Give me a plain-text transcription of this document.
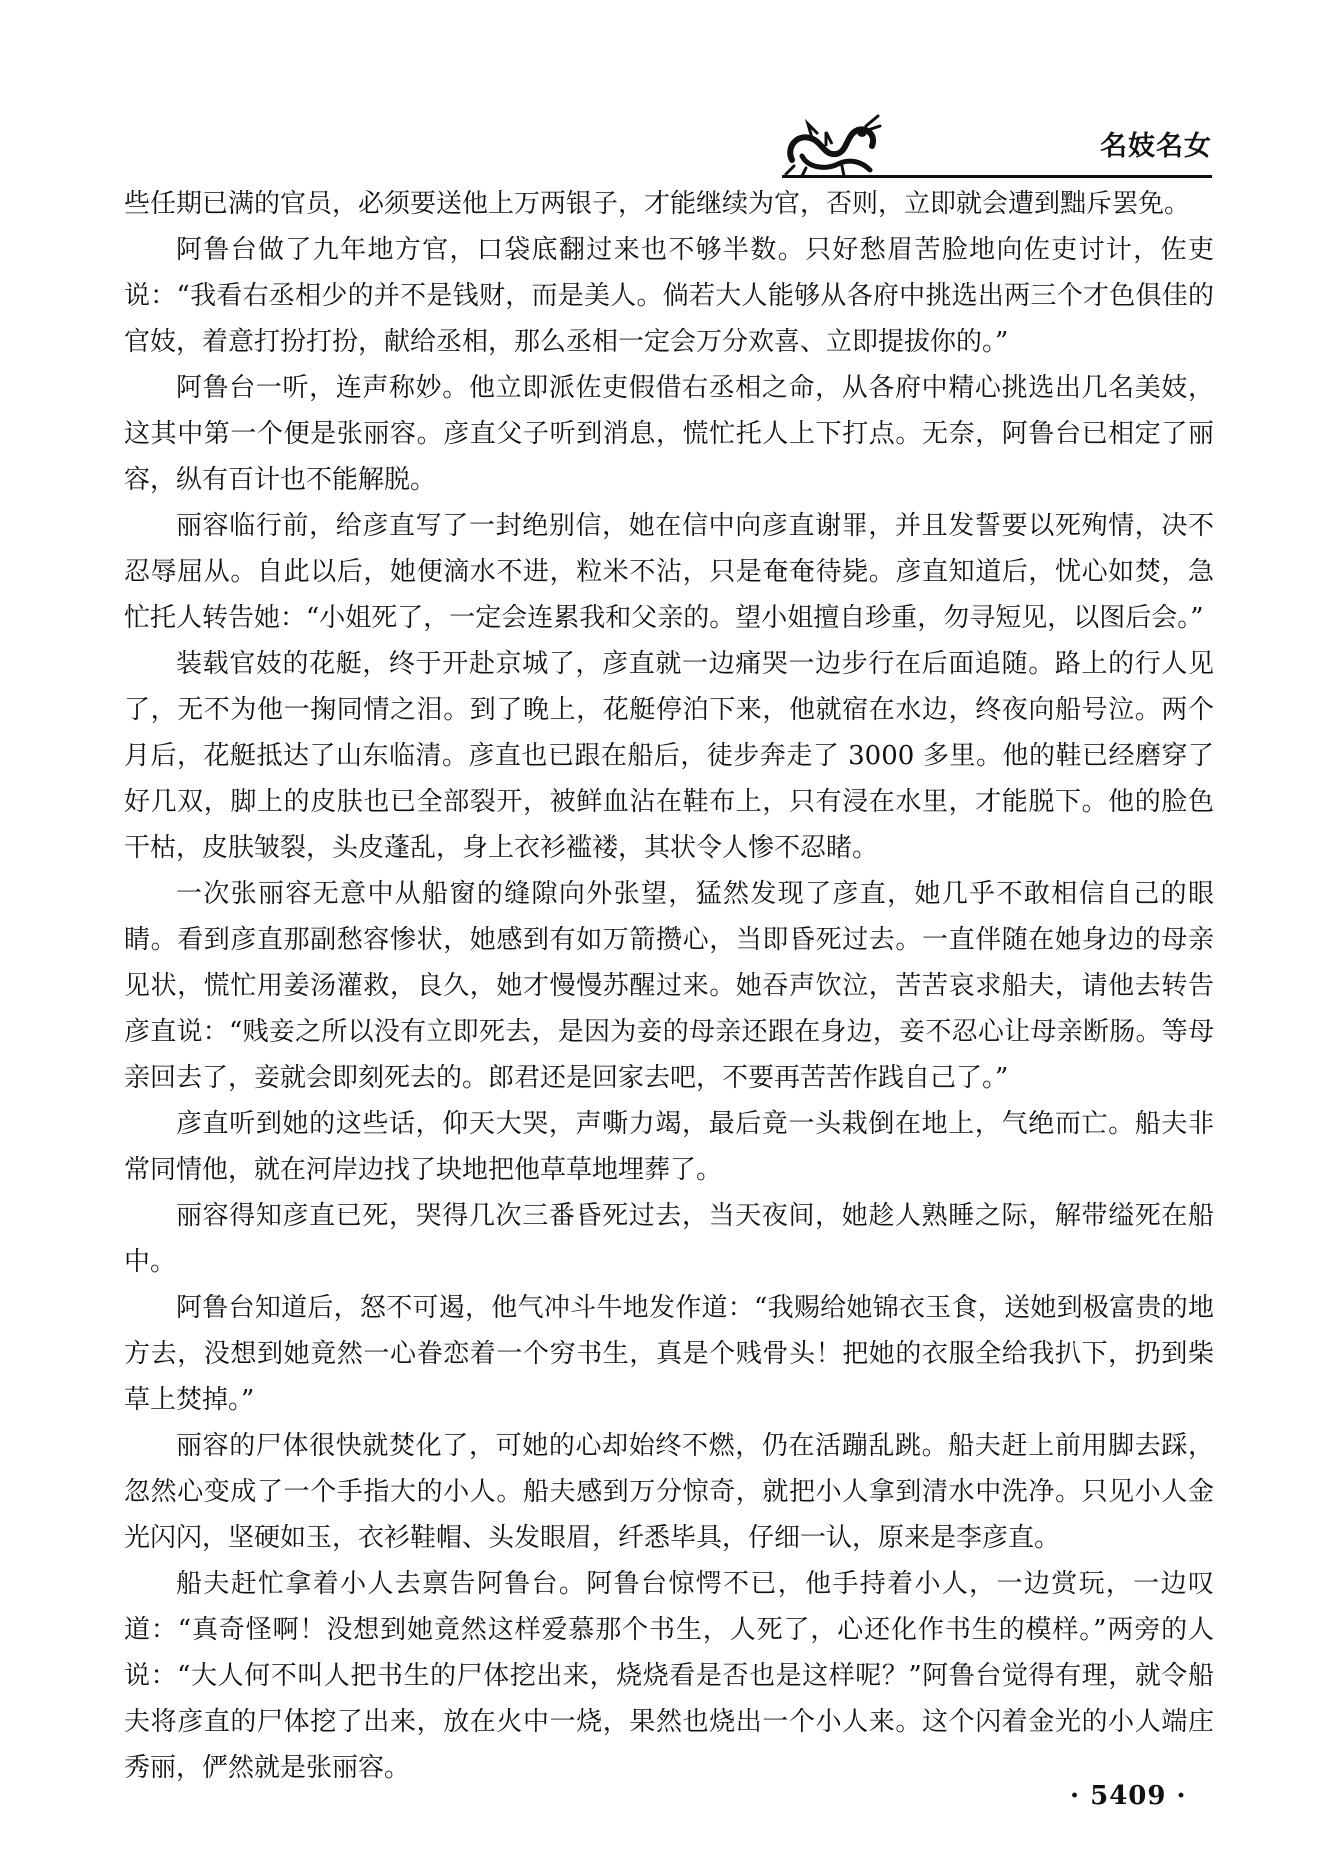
名妓名女

些任期已满的官员，必须要送他上万两银子，才能继续为官，否则，立即就会遭到黜斥罢免。

阿鲁台做了九年地方官，口袋底翻过来也不够半数。只好愁眉苦脸地向佐吏讨计，佐吏说：“我看右丞相少的并不是钱财，而是美人。倘若大人能够从各府中挑选出两三个才色俱佳的官妓，着意打扮打扮，献给丞相，那么丞相一定会万分欢喜、立即提拔你的。”

阿鲁台一听，连声称妙。他立即派佐吏假借右丞相之命，从各府中精心挑选出几名美妓，这其中第一个便是张丽容。彦直父子听到消息，慌忙托人上下打点。无奈，阿鲁台已相定了丽容，纵有百计也不能解脱。

丽容临行前，给彦直写了一封绝别信，她在信中向彦直谢罪，并且发誓要以死殉情，决不忍辱屈从。自此以后，她便滴水不进，粒米不沾，只是奄奄待毙。彦直知道后，忧心如焚，急忙托人转告她：“小姐死了，一定会连累我和父亲的。望小姐擅自珍重，勿寻短见，以图后会。”

装载官妓的花艇，终于开赴京城了，彦直就一边痛哭一边步行在后面追随。路上的行人见了，无不为他一掬同情之泪。到了晚上，花艇停泊下来，他就宿在水边，终夜向船号泣。两个月后，花艇抵达了山东临清。彦直也已跟在船后，徒步奔走了 3000 多里。他的鞋已经磨穿了好几双，脚上的皮肤也已全部裂开，被鲜血沾在鞋布上，只有浸在水里，才能脱下。他的脸色干枯，皮肤皱裂，头皮蓬乱，身上衣衫褴褛，其状令人惨不忍睹。

一次张丽容无意中从船窗的缝隙向外张望，猛然发现了彦直，她几乎不敢相信自己的眼睛。看到彦直那副愁容惨状，她感到有如万箭攒心，当即昏死过去。一直伴随在她身边的母亲见状，慌忙用姜汤灌救，良久，她才慢慢苏醒过来。她吞声饮泣，苦苦哀求船夫，请他去转告彦直说：“贱妾之所以没有立即死去，是因为妾的母亲还跟在身边，妾不忍心让母亲断肠。等母亲回去了，妾就会即刻死去的。郎君还是回家去吧，不要再苦苦作践自己了。”

彦直听到她的这些话，仰天大哭，声嘶力竭，最后竟一头栽倒在地上，气绝而亡。船夫非常同情他，就在河岸边找了块地把他草草地埋葬了。

丽容得知彦直已死，哭得几次三番昏死过去，当天夜间，她趁人熟睡之际，解带缢死在船中。

阿鲁台知道后，怒不可遏，他气冲斗牛地发作道：“我赐给她锦衣玉食，送她到极富贵的地方去，没想到她竟然一心眷恋着一个穷书生，真是个贱骨头！把她的衣服全给我扒下，扔到柴草上焚掉。”

丽容的尸体很快就焚化了，可她的心却始终不燃，仍在活蹦乱跳。船夫赶上前用脚去踩，忽然心变成了一个手指大的小人。船夫感到万分惊奇，就把小人拿到清水中洗净。只见小人金光闪闪，坚硬如玉，衣衫鞋帽、头发眼眉，纤悉毕具，仔细一认，原来是李彦直。

船夫赶忙拿着小人去禀告阿鲁台。阿鲁台惊愕不已，他手持着小人，一边赏玩，一边叹道：“真奇怪啊！没想到她竟然这样爱慕那个书生，人死了，心还化作书生的模样。”两旁的人说：“大人何不叫人把书生的尸体挖出来，烧烧看是否也是这样呢？”阿鲁台觉得有理，就令船夫将彦直的尸体挖了出来，放在火中一烧，果然也烧出一个小人来。这个闪着金光的小人端庄秀丽，俨然就是张丽容。

· 5409 ·
